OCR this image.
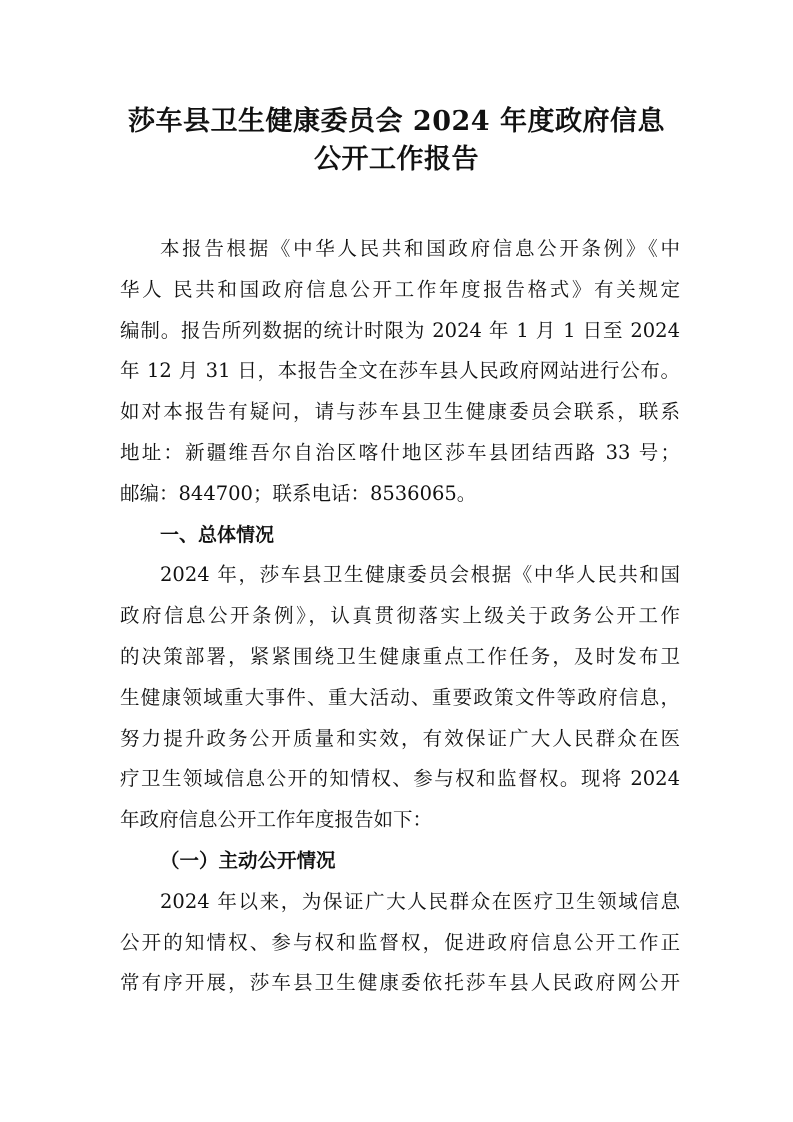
莎车县卫生健康委员会 2024 年度政府信息
公开工作报告
本报告根据《中华人民共和国政府信息公开条例》《中
华人 民共和国政府信息公开工作年度报告格式》有关规定
编制。报告所列数据的统计时限为 2024 年 1 月 1 日至 2024
年 12 月 31 日，本报告全文在莎车县人民政府网站进行公布。
如对本报告有疑问，请与莎车县卫生健康委员会联系，联系
地址：新疆维吾尔自治区喀什地区莎车县团结西路 33 号；
邮编：844700；联系电话：8536065。
一、总体情况
2024 年，莎车县卫生健康委员会根据《中华人民共和国
政府信息公开条例》，认真贯彻落实上级关于政务公开工作
的决策部署，紧紧围绕卫生健康重点工作任务，及时发布卫
生健康领域重大事件、重大活动、重要政策文件等政府信息，
努力提升政务公开质量和实效，有效保证广大人民群众在医
疗卫生领域信息公开的知情权、参与权和监督权。现将 2024
年政府信息公开工作年度报告如下：
（一）主动公开情况
2024 年以来，为保证广大人民群众在医疗卫生领域信息
公开的知情权、参与权和监督权，促进政府信息公开工作正
常有序开展，莎车县卫生健康委依托莎车县人民政府网公开
